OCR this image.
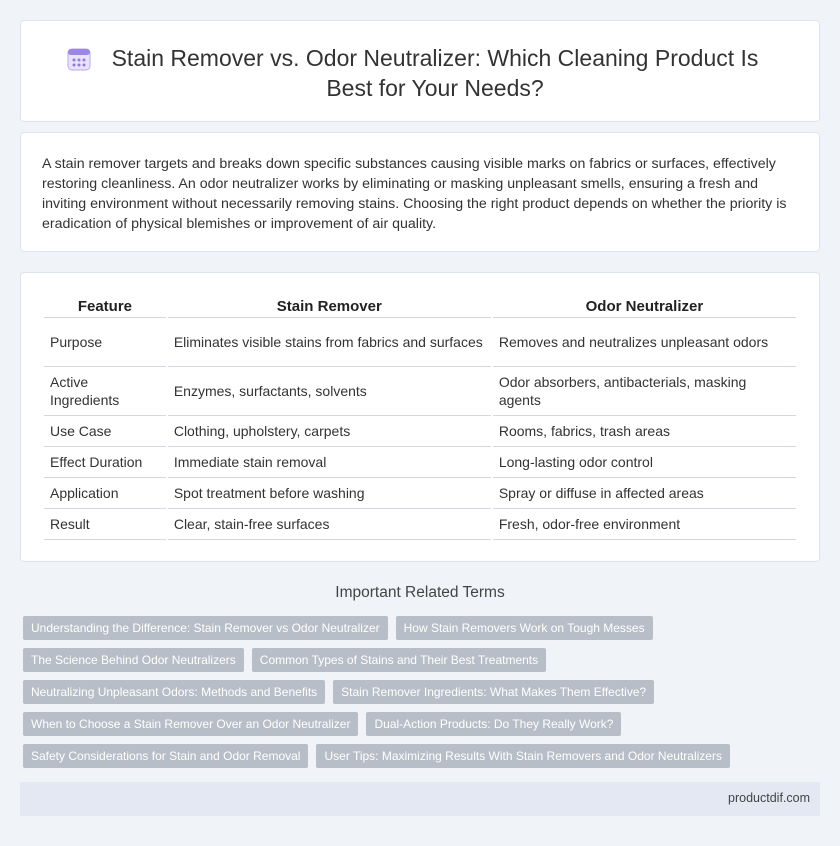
Stain Remover vs. Odor Neutralizer: Which Cleaning Product Is Best for Your Needs?

A stain remover targets and breaks down specific substances causing visible marks on fabrics or surfaces, effectively restoring cleanliness. An odor neutralizer works by eliminating or masking unpleasant smells, ensuring a fresh and inviting environment without necessarily removing stains. Choosing the right product depends on whether the priority is eradication of physical blemishes or improvement of air quality.

Feature	Stain Remover	Odor Neutralizer
Purpose	Eliminates visible stains from fabrics and surfaces	Removes and neutralizes unpleasant odors
Active Ingredients	Enzymes, surfactants, solvents	Odor absorbers, antibacterials, masking agents
Use Case	Clothing, upholstery, carpets	Rooms, fabrics, trash areas
Effect Duration	Immediate stain removal	Long-lasting odor control
Application	Spot treatment before washing	Spray or diffuse in affected areas
Result	Clear, stain-free surfaces	Fresh, odor-free environment
Important Related Terms
Understanding the Difference: Stain Remover vs Odor Neutralizer	How Stain Removers Work on Tough Messes
The Science Behind Odor Neutralizers	Common Types of Stains and Their Best Treatments
Neutralizing Unpleasant Odors: Methods and Benefits	Stain Remover Ingredients: What Makes Them Effective?
When to Choose a Stain Remover Over an Odor Neutralizer	Dual-Action Products: Do They Really Work?
Safety Considerations for Stain and Odor Removal	User Tips: Maximizing Results With Stain Removers and Odor Neutralizers
productdif.com
